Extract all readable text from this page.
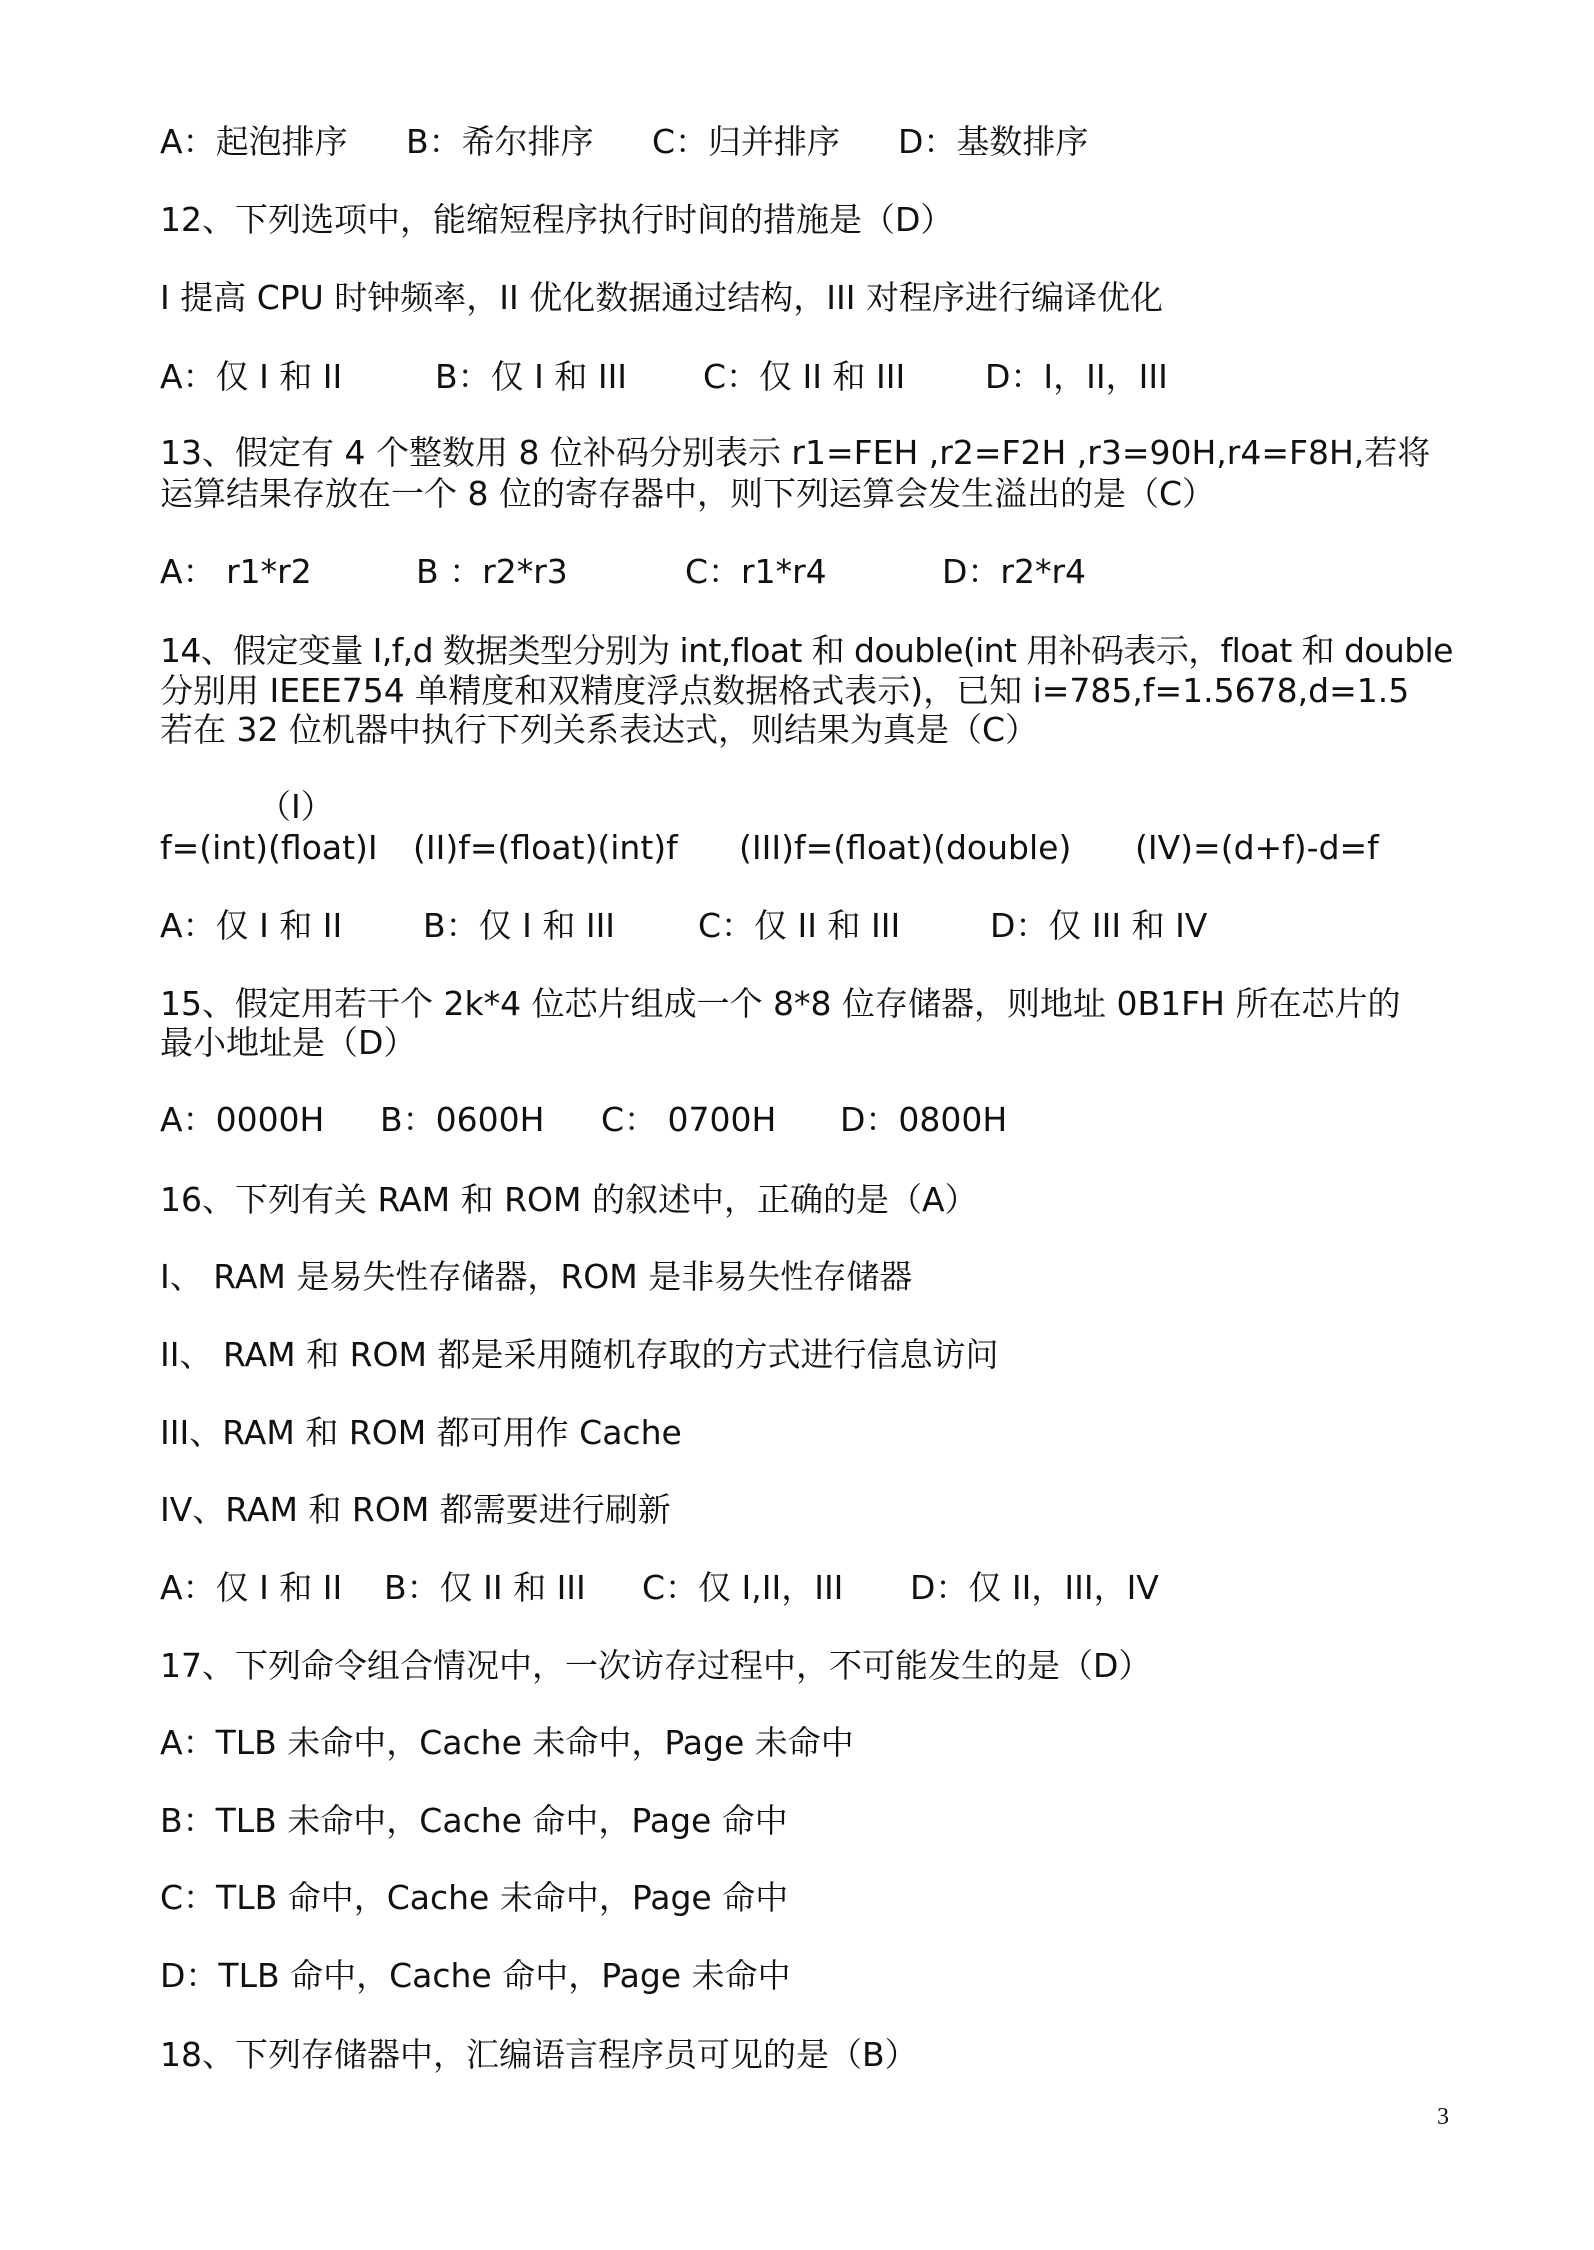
A：起泡排序 B：希尔排序 C：归并排序 D：基数排序
12、下列选项中，能缩短程序执行时间的措施是（D）
I 提高 CPU 时钟频率，II 优化数据通过结构，III 对程序进行编译优化
A：仅 I 和 II	B：仅 I 和 III C：仅 II 和 III D：I，II，III
13、假定有 4 个整数用 8 位补码分别表示 r1=FEH ,r2=F2H ,r3=90H,r4=F8H,若将
运算结果存放在一个 8 位的寄存器中，则下列运算会发生溢出的是（C）
A： r1*r2	B ：r2*r3	C：r1*r4	D：r2*r4
14、假定变量 I,f,d 数据类型分别为 int,float 和 double(int 用补码表示，float 和 double
分别用 IEEE754 单精度和双精度浮点数据格式表示)，已知 i=785,f=1.5678,d=1.5
若在 32 位机器中执行下列关系表达式，则结果为真是（C）
（I）
f=(int)(float)I (II)f=(float)(int)f (III)f=(float)(double) (IV)=(d+f)-d=f
A：仅 I 和 II B：仅 I 和 III	C：仅 II 和 III	D：仅 III 和 IV
15、假定用若干个 2k*4 位芯片组成一个 8*8 位存储器，则地址 0B1FH 所在芯片的
最小地址是（D）
A：0000H B：0600H C： 0700H D：0800H
16、下列有关 RAM 和 ROM 的叙述中，正确的是（A）
I、 RAM 是易失性存储器，ROM 是非易失性存储器
II、 RAM 和 ROM 都是采用随机存取的方式进行信息访问
III、RAM 和 ROM 都可用作 Cache
IV、RAM 和 ROM 都需要进行刷新
A：仅 I 和 II B：仅 II 和 III C：仅 I,II，III D：仅 II，III，IV
17、下列命令组合情况中，一次访存过程中，不可能发生的是（D）
A：TLB 未命中，Cache 未命中，Page 未命中
B：TLB 未命中，Cache 命中，Page 命中
C：TLB 命中，Cache 未命中，Page 命中
D：TLB 命中，Cache 命中，Page 未命中
18、下列存储器中，汇编语言程序员可见的是（B）
3
